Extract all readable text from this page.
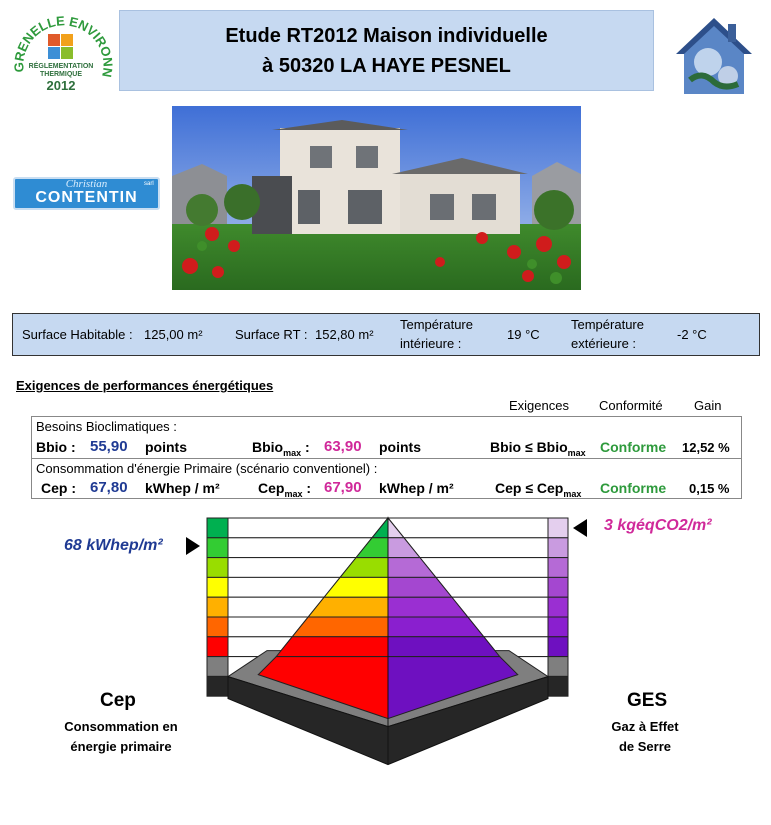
GRENELLE ENVIRO N
RÉGLEMENTATION
THERMIQUE
2012
Etude RT2012 Maison individuelle
à 50320 LA HAYE PESNEL
Christian
CONTENTIN
sarl
Surface Habitable : 125,00 m² Surface RT : 152,80 m²
Température
intérieure :
19 °C
Température
extérieure :
-2 °C
Exigences de performances énergétiques
Exigences Conformité Gain
Besoins Bioclimatiques :
Bbio : 55,90 points	Bbio$_{max}$ : 63,90 points	Bbio ≤ Bbio$_{max}$ Conforme 12,52 %
Consommation d'énergie Primaire (scénario conventionel) :
Cep : 67,80 kWhep / m²	Cep$_{max}$ : 67,90 kWhep / m²	Cep ≤ Cep$_{max}$ Conforme 0,15 %
68 kWhep/m²
3 kgéqCO2/m²
Cep
Consommation en
énergie primaire
GES
Gaz à Effet
de Serre
